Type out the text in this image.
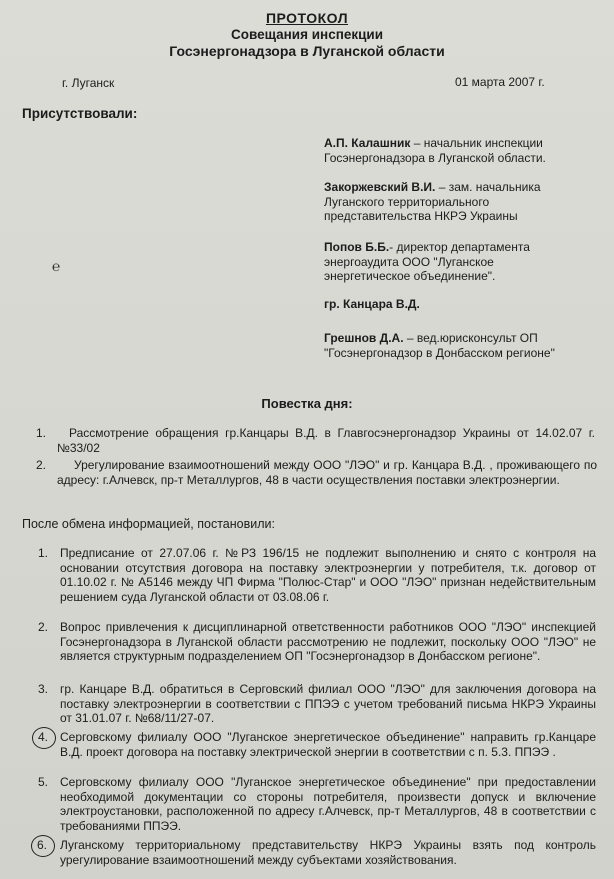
ПРОТОКОЛ
Совещания инспекции
Госэнергонадзора в Луганской области
г. Луганск	01 марта 2007 г.
Присутствовали:
А.П. Калашник – начальник инспекции
Госэнергонадзора в Луганской области.
Закоржевский В.И. – зам. начальника
Луганского территориального
представительства НКРЭ Украины
Попов Б.Б.- директор департамента
энергоаудита ООО "Луганское
энергетическое объединение".
гр. Канцара В.Д.
Грешнов Д.А. – вед.юрисконсульт ОП
"Госэнергонадзор в Донбасском регионе"
℮
Повестка дня:
1.	Рассмотрение обращения гр.Канцары В.Д. в Главгосэнергонадзор Украины от 14.02.07 г. №33/02
2.	Урегулирование взаимоотношений между ООО "ЛЭО" и гр. Канцара В.Д. , проживающего по адресу: г.Алчевск, пр-т Металлургов, 48 в части осуществления поставки электроэнергии.
После обмена информацией, постановили:
1. Предписание от 27.07.06 г. №РЗ 196/15 не подлежит выполнению и снято с контроля на основании отсутствия договора на поставку электроэнергии у потребителя, т.к. договор от 01.10.02 г. № А5146 между ЧП Фирма "Полюс-Стар" и ООО "ЛЭО" признан недействительным решением суда Луганской области от 03.08.06 г.
2. Вопрос привлечения к дисциплинарной ответственности работников ООО "ЛЭО" инспекцией Госэнергонадзора в Луганской области рассмотрению не подлежит, поскольку ООО "ЛЭО" не является структурным подразделением ОП "Госэнергонадзор в Донбасском регионе".
3. гр. Канцаре В.Д. обратиться в Серговский филиал ООО "ЛЭО" для заключения договора на поставку электроэнергии в соответствии с ППЭЭ с учетом требований письма НКРЭ Украины от 31.01.07 г. №68/11/27-07.
4. Серговскому филиалу ООО "Луганское энергетическое объединение" направить гр.Канцаре В.Д. проект договора на поставку электрической энергии в соответствии с п. 5.3. ППЭЭ .
5. Серговскому филиалу ООО "Луганское энергетическое объединение" при предоставлении необходимой документации со стороны потребителя, произвести допуск и включение электроустановки, расположенной по адресу г.Алчевск, пр-т Металлургов, 48 в соответствии с требованиями ППЭЭ.
6. Луганскому территориальному представительству НКРЭ Украины взять под контроль урегулирование взаимоотношений между субъектами хозяйствования.
